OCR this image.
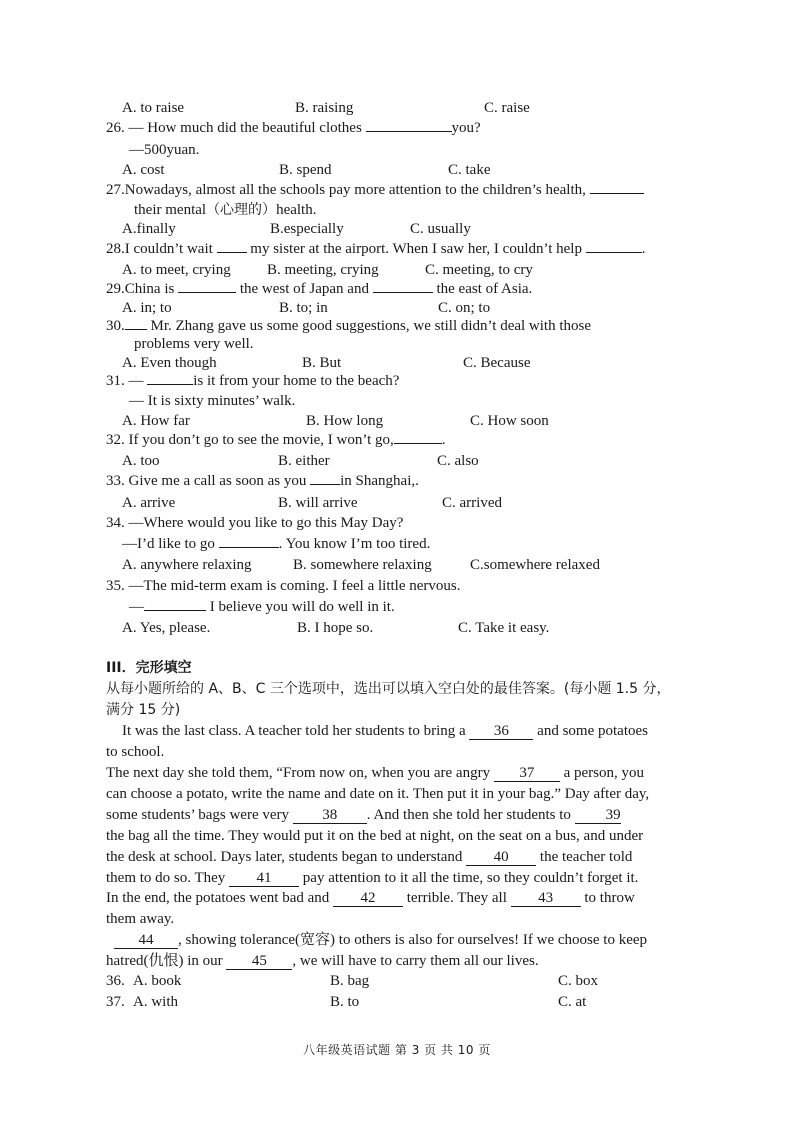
A. to raise	B. raising	C. raise
26. — How much did the beautiful clothes	you?
—500yuan.
A. cost	B. spend	C. take
27.Nowadays, almost all the schools pay more attention to the children’s health,
their mental（心理的）health.
A.finally	B.especially	C. usually
28.I couldn’t wait	my sister at the airport. When I saw her, I couldn’t help	.
A. to meet, crying B. meeting, crying	C. meeting, to cry
29.China is	the west of Japan and	the east of Asia.
A. in; to	B. to; in	C. on; to
30. Mr. Zhang gave us some good suggestions, we still didn’t deal with those
problems very well.
A. Even though	B. But	C. Because
31. —	is it from your home to the beach?
— It is sixty minutes’ walk.
A. How far	B. How long	C. How soon
32. If you don’t go to see the movie, I won’t go,	.
A. too	B. either	C. also
33. Give me a call as soon as you in Shanghai,.
A. arrive	B. will arrive	C. arrived
34. —Where would you like to go this May Day?
—I’d like to go	. You know I’m too tired.
A. anywhere relaxing	B. somewhere relaxing	C.somewhere relaxed
35. —The mid-term exam is coming. I feel a little nervous.
—	I believe you will do well in it.
A. Yes, please.	B. I hope so.	C. Take it easy.
III．完形填空
从每小题所给的 A、B、C 三个选项中，选出可以填入空白处的最佳答案。(每小题 1.5 分，
满分 15 分)
It was the last class. A teacher told her students to bring a 36 and some potatoes
to school.
The next day she told them, “From now on, when you are angry 37 a person, you
can choose a potato, write the name and date on it. Then put it in your bag.” Day after day,
some students’ bags were very 38 . And then she told her students to 39
the bag all the time. They would put it on the bed at night, on the seat on a bus, and under
the desk at school. Days later, students began to understand 40 the teacher told
them to do so. They 41 pay attention to it all the time, so they couldn’t forget it.
In the end, the potatoes went bad and 42 terrible. They all 43 to throw
them away.
44 , showing tolerance(宽容) to others is also for ourselves! If we choose to keep
hatred(仇恨) in our 45 , we will have to carry them all our lives.
36. A. book	B. bag	C. box
37. A. with	B. to	C. at
八年级英语试题 第 3 页 共 10 页
